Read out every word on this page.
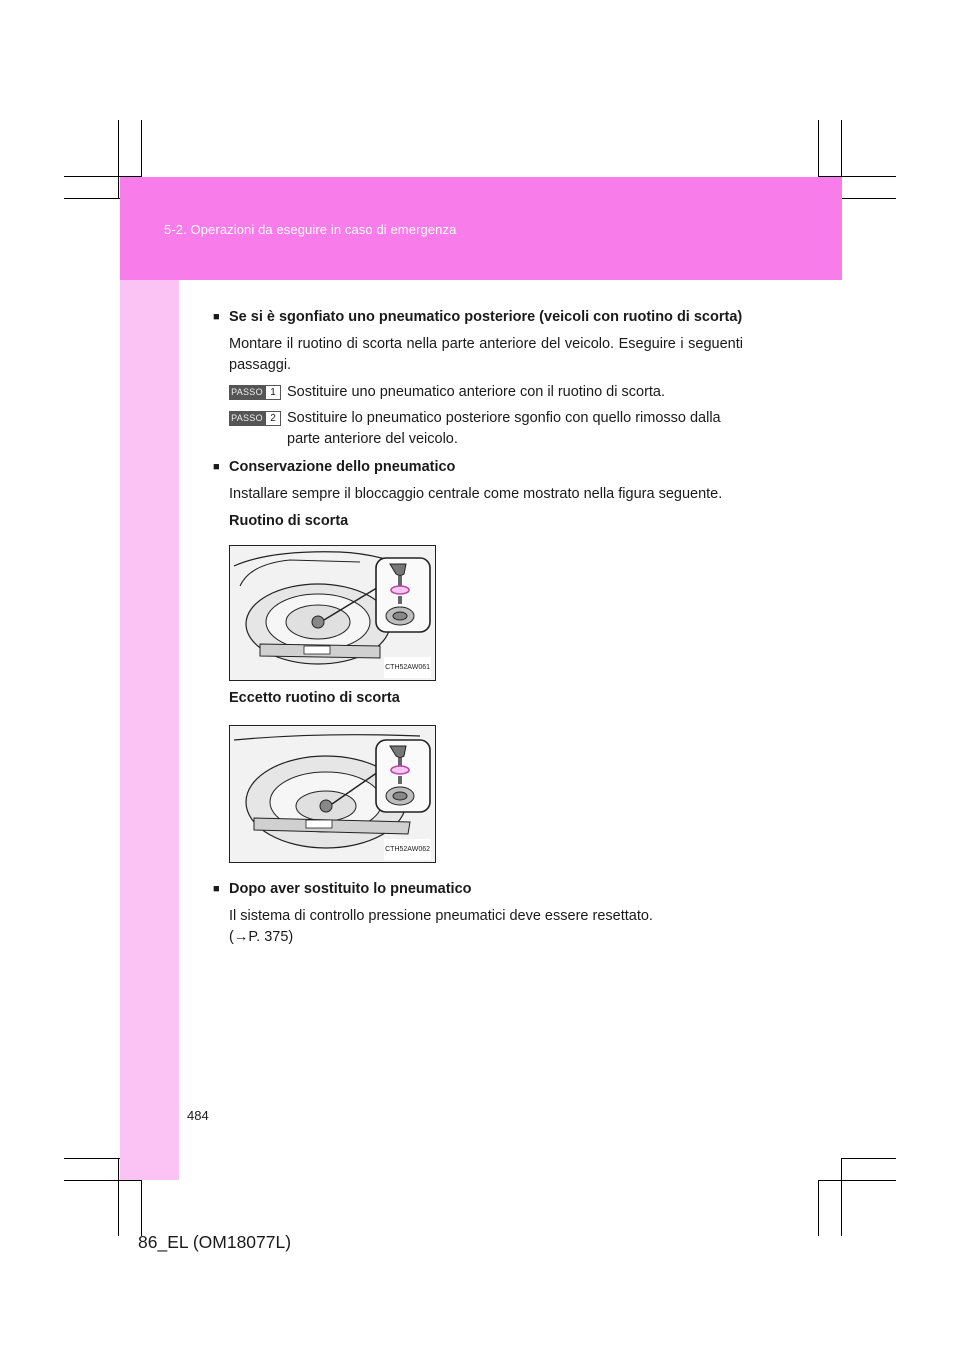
5-2. Operazioni da eseguire in caso di emergenza
■ Se si è sgonfiato uno pneumatico posteriore (veicoli con ruotino di scorta)
Montare il ruotino di scorta nella parte anteriore del veicolo. Eseguire i seguenti passaggi.
PASSO 1 Sostituire uno pneumatico anteriore con il ruotino di scorta.
PASSO 2 Sostituire lo pneumatico posteriore sgonfio con quello rimosso dalla parte anteriore del veicolo.
■ Conservazione dello pneumatico
Installare sempre il bloccaggio centrale come mostrato nella figura seguente.
Ruotino di scorta
CTH52AW061
Eccetto ruotino di scorta
CTH52AW062
■ Dopo aver sostituito lo pneumatico
Il sistema di controllo pressione pneumatici deve essere resettato.
(→P. 375)
484
86_EL (OM18077L)
